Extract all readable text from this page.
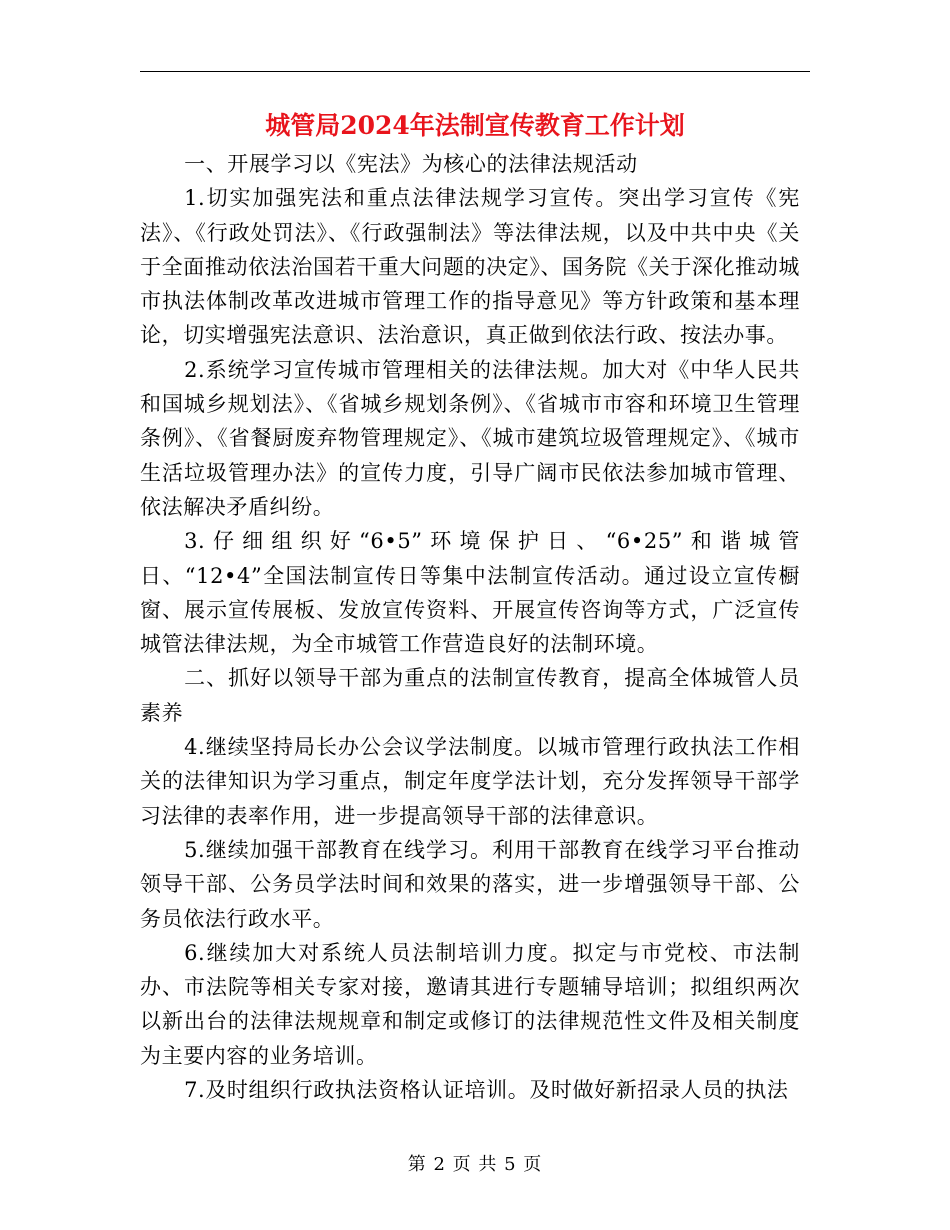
城管局2024年法制宣传教育工作计划

一、开展学习以《宪法》为核心的法律法规活动

1.切实加强宪法和重点法律法规学习宣传。突出学习宣传《宪法》、《行政处罚法》、《行政强制法》等法律法规，以及中共中央《关于全面推动依法治国若干重大问题的决定》、国务院《关于深化推动城市执法体制改革改进城市管理工作的指导意见》等方针政策和基本理论，切实增强宪法意识、法治意识，真正做到依法行政、按法办事。

2.系统学习宣传城市管理相关的法律法规。加大对《中华人民共和国城乡规划法》、《省城乡规划条例》、《省城市市容和环境卫生管理条例》、《省餐厨废弃物管理规定》、《城市建筑垃圾管理规定》、《城市生活垃圾管理办法》的宣传力度，引导广阔市民依法参加城市管理、依法解决矛盾纠纷。

3.仔细组织好“6•5”环境保护日、“6•25”和谐城管日、“12•4”全国法制宣传日等集中法制宣传活动。通过设立宣传橱窗、展示宣传展板、发放宣传资料、开展宣传咨询等方式，广泛宣传城管法律法规，为全市城管工作营造良好的法制环境。

二、抓好以领导干部为重点的法制宣传教育，提高全体城管人员素养

4.继续坚持局长办公会议学法制度。以城市管理行政执法工作相关的法律知识为学习重点，制定年度学法计划，充分发挥领导干部学习法律的表率作用，进一步提高领导干部的法律意识。

5.继续加强干部教育在线学习。利用干部教育在线学习平台推动领导干部、公务员学法时间和效果的落实，进一步增强领导干部、公务员依法行政水平。

6.继续加大对系统人员法制培训力度。拟定与市党校、市法制办、市法院等相关专家对接，邀请其进行专题辅导培训；拟组织两次以新出台的法律法规规章和制定或修订的法律规范性文件及相关制度为主要内容的业务培训。

7.及时组织行政执法资格认证培训。及时做好新招录人员的执法

第 2 页 共 5 页
